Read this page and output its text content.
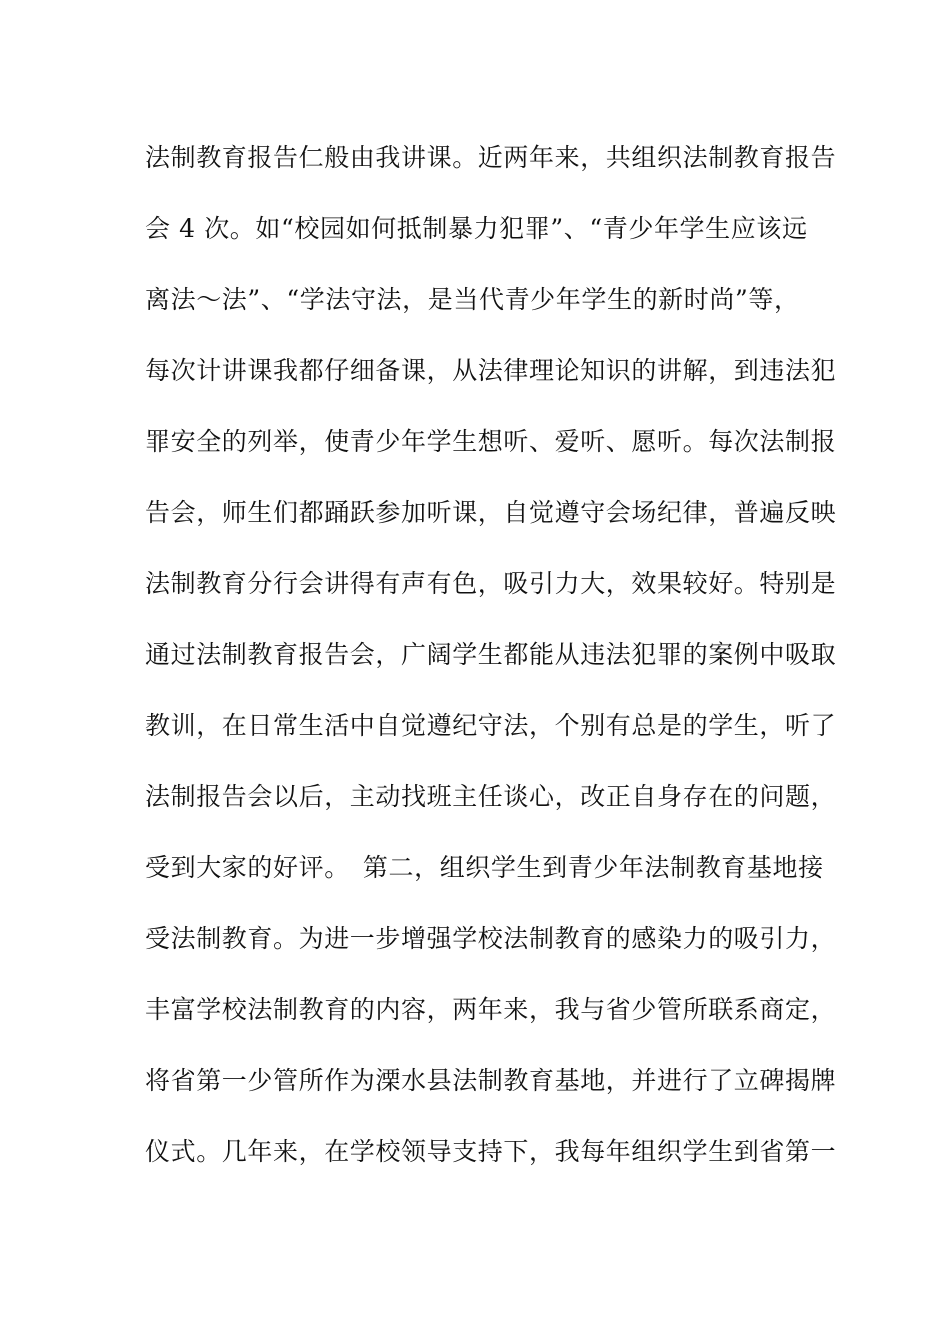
法制教育报告仁般由我讲课。近两年来，共组织法制教育报告
会 4 次。如“校园如何抵制暴力犯罪”、“青少年学生应该远
离法～法”、“学法守法，是当代青少年学生的新时尚”等，
每次计讲课我都仔细备课，从法律理论知识的讲解，到违法犯
罪安全的列举，使青少年学生想听、爱听、愿听。每次法制报
告会，师生们都踊跃参加听课，自觉遵守会场纪律，普遍反映
法制教育分行会讲得有声有色，吸引力大，效果较好。特别是
通过法制教育报告会，广阔学生都能从违法犯罪的案例中吸取
教训，在日常生活中自觉遵纪守法，个别有总是的学生，听了
法制报告会以后，主动找班主任谈心，改正自身存在的问题，
受到大家的好评。　第二，组织学生到青少年法制教育基地接
受法制教育。为进一步增强学校法制教育的感染力的吸引力，
丰富学校法制教育的内容，两年来，我与省少管所联系商定，
将省第一少管所作为溧水县法制教育基地，并进行了立碑揭牌
仪式。几年来，在学校领导支持下，我每年组织学生到省第一
